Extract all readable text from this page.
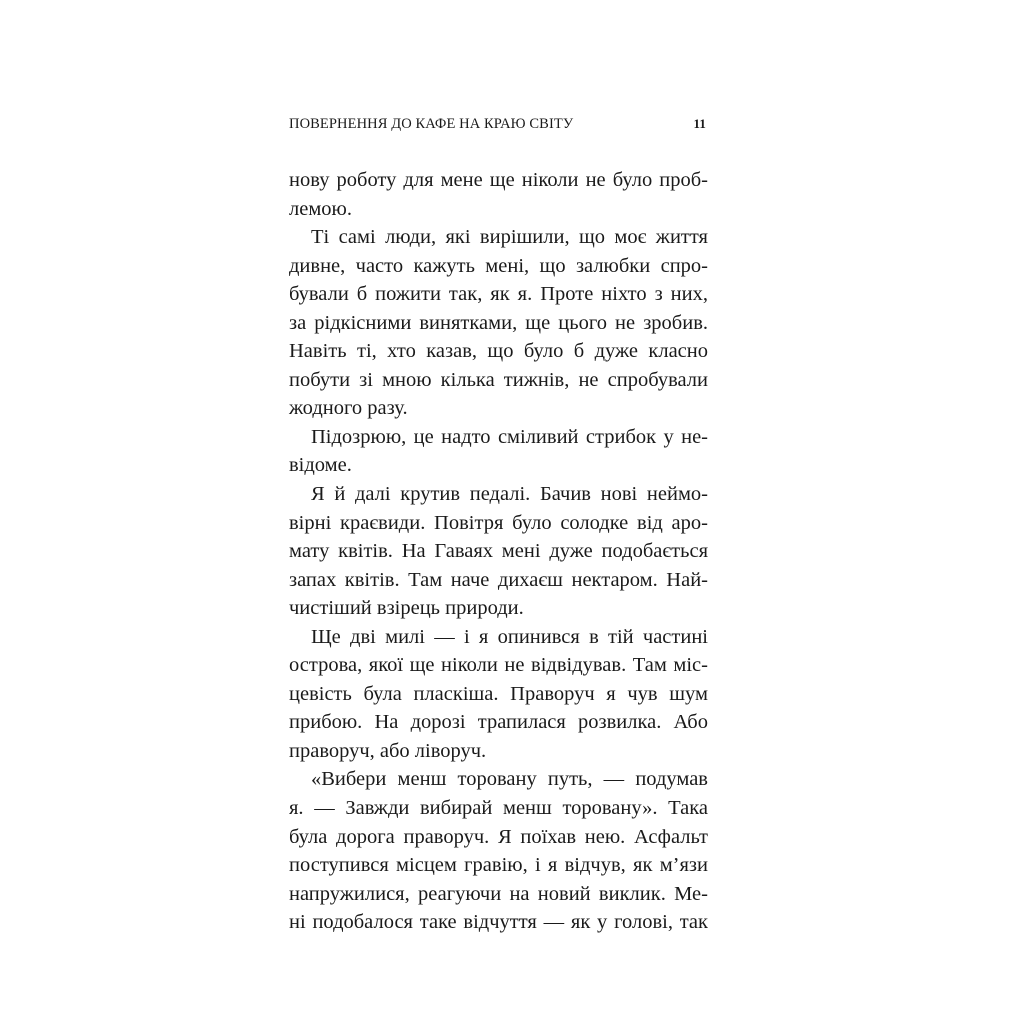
ПОВЕРНЕННЯ ДО КАФЕ НА КРАЮ СВІТУ	11
нову роботу для мене ще ніколи не було проб-
лемою.
Ті самі люди, які вирішили, що моє життя
дивне, часто кажуть мені, що залюбки спро-
бували б пожити так, як я. Проте ніхто з них,
за рідкісними винятками, ще цього не зробив.
Навіть ті, хто казав, що було б дуже класно
побути зі мною кілька тижнів, не спробували
жодного разу.
Підозрюю, це надто сміливий стрибок у не-
відоме.
Я й далі крутив педалі. Бачив нові неймо-
вірні краєвиди. Повітря було солодке від аро-
мату квітів. На Гаваях мені дуже подобається
запах квітів. Там наче дихаєш нектаром. Най-
чистіший взірець природи.
Ще дві милі — і я опинився в тій частині
острова, якої ще ніколи не відвідував. Там міс-
цевість була пласкіша. Праворуч я чув шум
прибою. На дорозі трапилася розвилка. Або
праворуч, або ліворуч.
«Вибери менш торовану путь, — подумав
я. — Завжди вибирай менш торовану». Така
була дорога праворуч. Я поїхав нею. Асфальт
поступився місцем гравію, і я відчув, як м’язи
напружилися, реагуючи на новий виклик. Ме-
ні подобалося таке відчуття — як у голові, так
